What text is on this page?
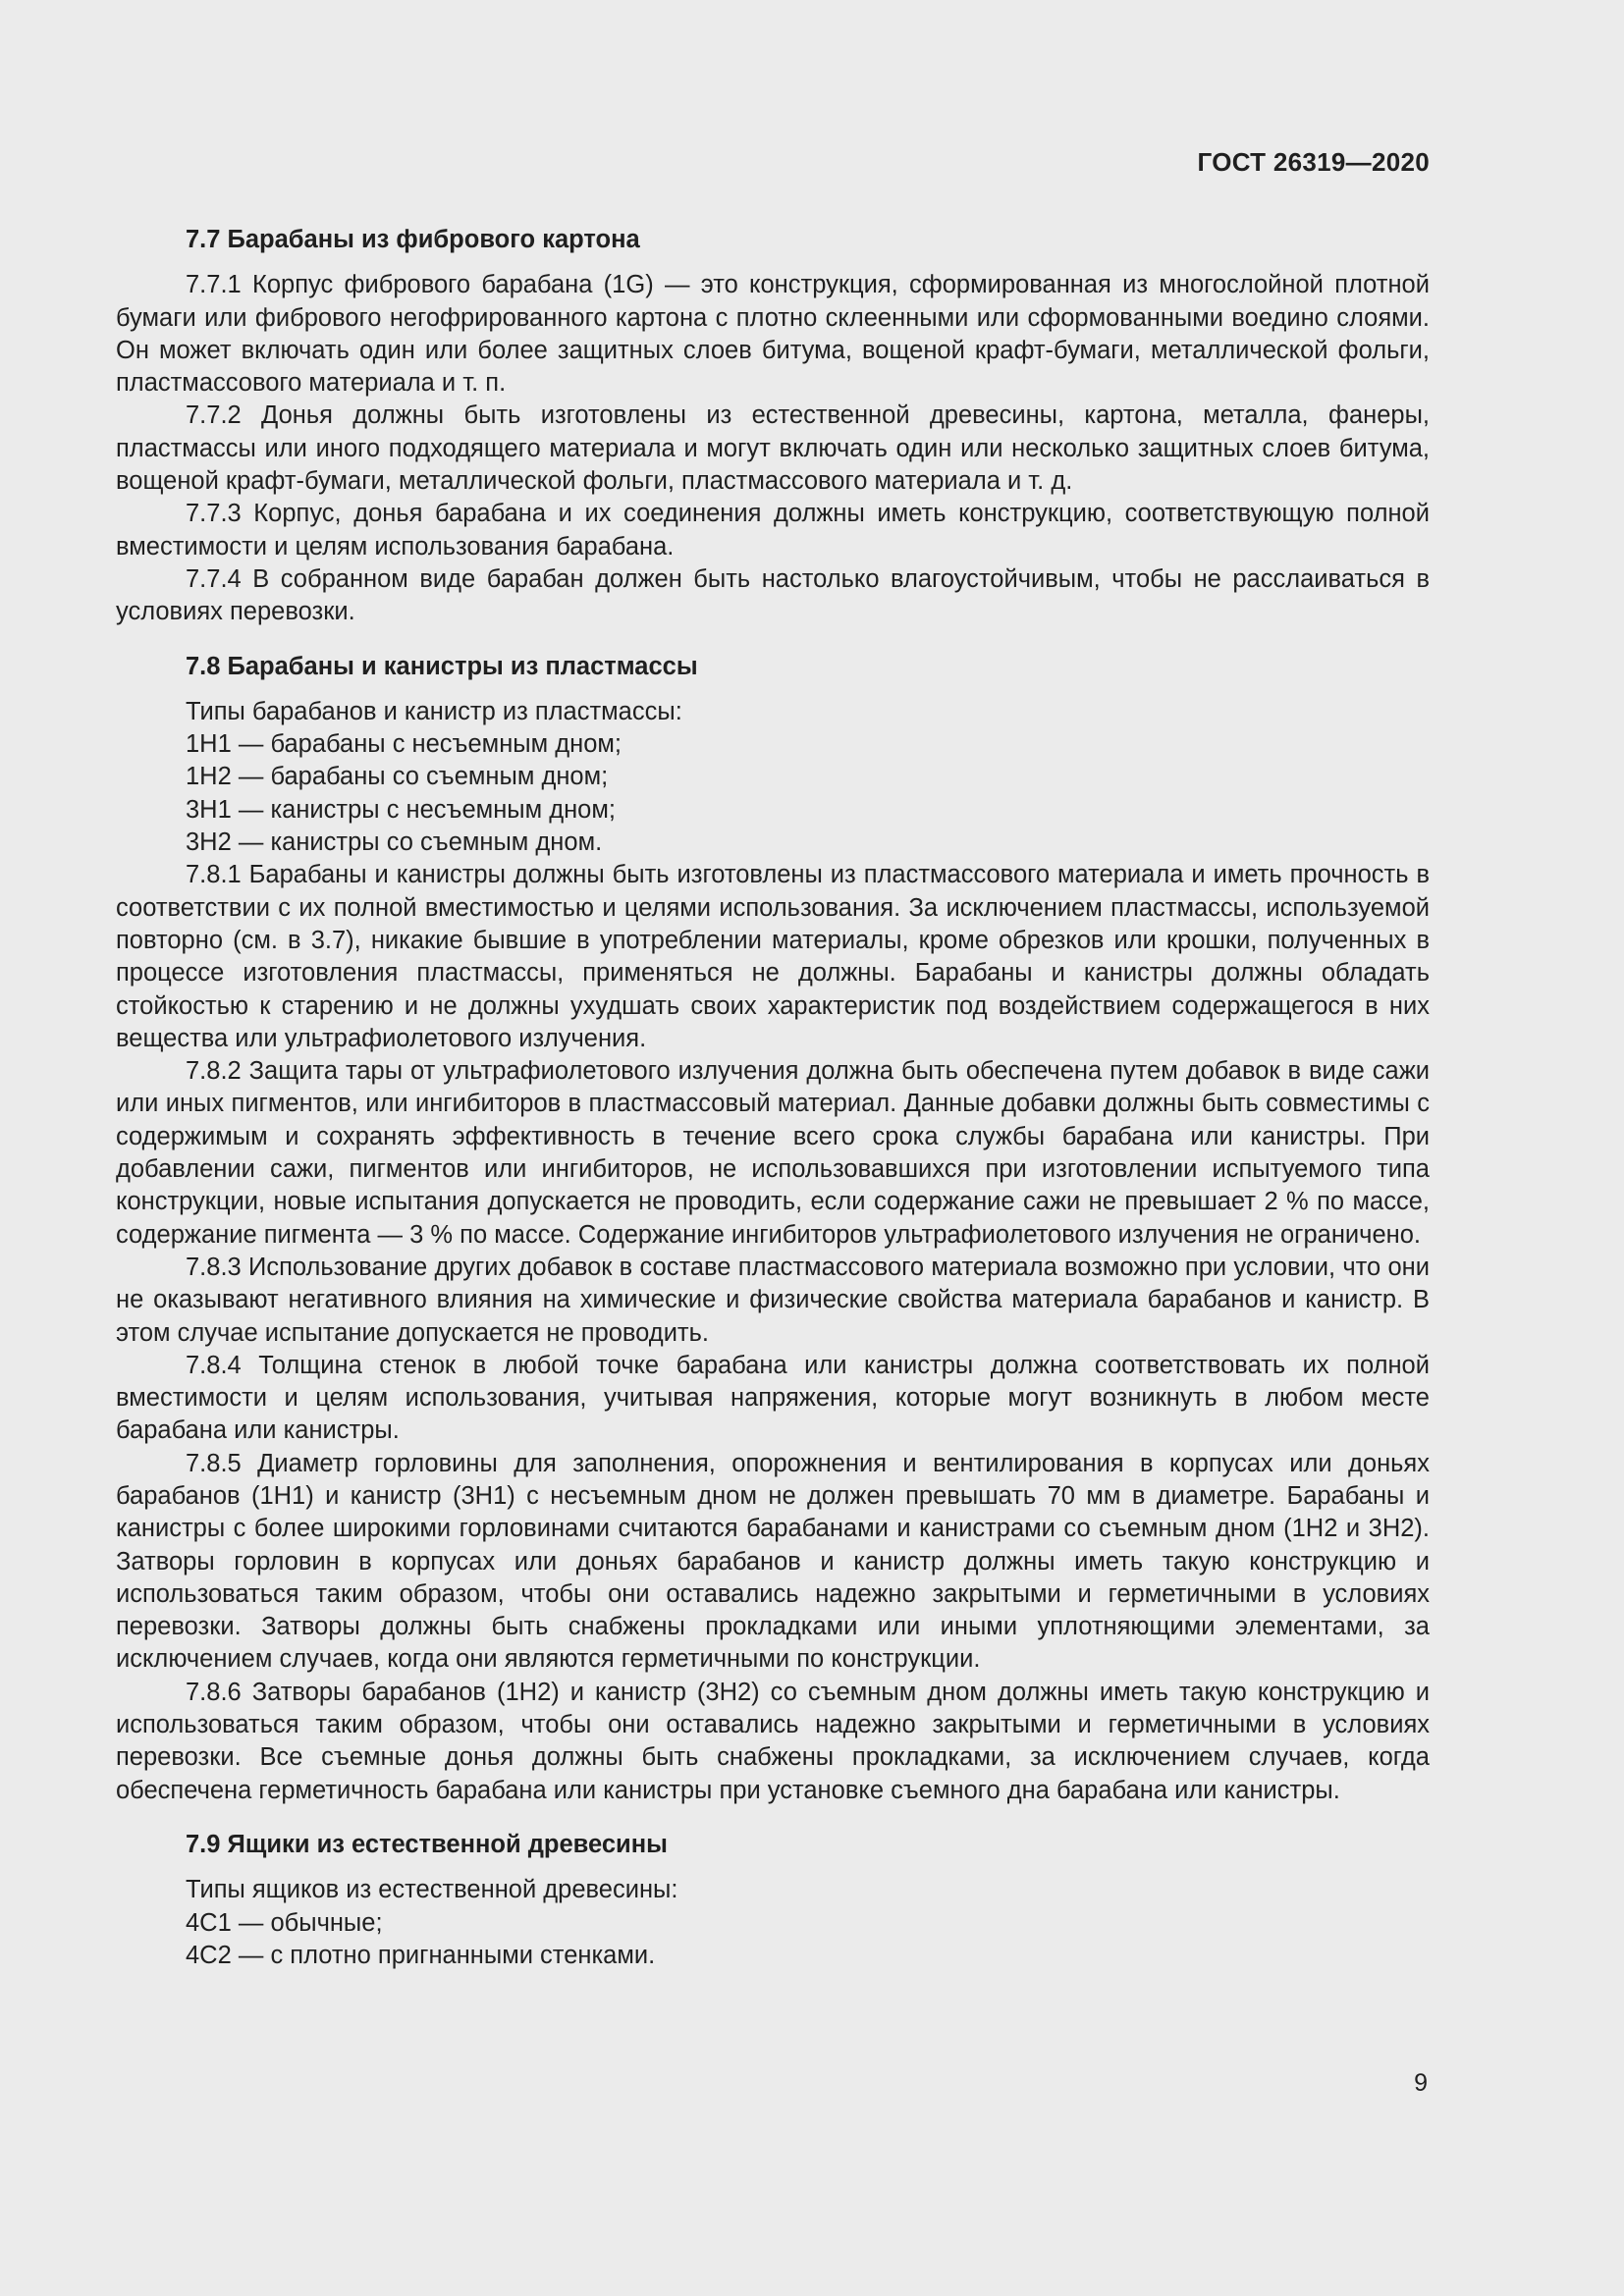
ГОСТ 26319—2020
7.7 Барабаны из фибрового картона

7.7.1 Корпус фибрового барабана (1G) — это конструкция, сформированная из многослойной плотной бумаги или фибрового негофрированного картона с плотно склеенными или сформованными воедино слоями. Он может включать один или более защитных слоев битума, вощеной крафт-бумаги, металлической фольги, пластмассового материала и т. п.

7.7.2 Донья должны быть изготовлены из естественной древесины, картона, металла, фанеры, пластмассы или иного подходящего материала и могут включать один или несколько защитных слоев битума, вощеной крафт-бумаги, металлической фольги, пластмассового материала и т. д.

7.7.3 Корпус, донья барабана и их соединения должны иметь конструкцию, соответствующую полной вместимости и целям использования барабана.

7.7.4 В собранном виде барабан должен быть настолько влагоустойчивым, чтобы не расслаиваться в условиях перевозки.

7.8 Барабаны и канистры из пластмассы

Типы барабанов и канистр из пластмассы:

1H1 — барабаны с несъемным дном;

1H2 — барабаны со съемным дном;

3H1 — канистры с несъемным дном;

3H2 — канистры со съемным дном.

7.8.1 Барабаны и канистры должны быть изготовлены из пластмассового материала и иметь прочность в соответствии с их полной вместимостью и целями использования. За исключением пластмассы, используемой повторно (см. в 3.7), никакие бывшие в употреблении материалы, кроме обрезков или крошки, полученных в процессе изготовления пластмассы, применяться не должны. Барабаны и канистры должны обладать стойкостью к старению и не должны ухудшать своих характеристик под воздействием содержащегося в них вещества или ультрафиолетового излучения.

7.8.2 Защита тары от ультрафиолетового излучения должна быть обеспечена путем добавок в виде сажи или иных пигментов, или ингибиторов в пластмассовый материал. Данные добавки должны быть совместимы с содержимым и сохранять эффективность в течение всего срока службы барабана или канистры. При добавлении сажи, пигментов или ингибиторов, не использовавшихся при изготовлении испытуемого типа конструкции, новые испытания допускается не проводить, если содержание сажи не превышает 2 % по массе, содержание пигмента — 3 % по массе. Содержание ингибиторов ультрафиолетового излучения не ограничено.

7.8.3 Использование других добавок в составе пластмассового материала возможно при условии, что они не оказывают негативного влияния на химические и физические свойства материала барабанов и канистр. В этом случае испытание допускается не проводить.

7.8.4 Толщина стенок в любой точке барабана или канистры должна соответствовать их полной вместимости и целям использования, учитывая напряжения, которые могут возникнуть в любом месте барабана или канистры.

7.8.5 Диаметр горловины для заполнения, опорожнения и вентилирования в корпусах или доньях барабанов (1H1) и канистр (3H1) с несъемным дном не должен превышать 70 мм в диаметре. Барабаны и канистры с более широкими горловинами считаются барабанами и канистрами со съемным дном (1H2 и 3H2). Затворы горловин в корпусах или доньях барабанов и канистр должны иметь такую конструкцию и использоваться таким образом, чтобы они оставались надежно закрытыми и герметичными в условиях перевозки. Затворы должны быть снабжены прокладками или иными уплотняющими элементами, за исключением случаев, когда они являются герметичными по конструкции.

7.8.6 Затворы барабанов (1H2) и канистр (3H2) со съемным дном должны иметь такую конструкцию и использоваться таким образом, чтобы они оставались надежно закрытыми и герметичными в условиях перевозки. Все съемные донья должны быть снабжены прокладками, за исключением случаев, когда обеспечена герметичность барабана или канистры при установке съемного дна барабана или канистры.

7.9 Ящики из естественной древесины

Типы ящиков из естественной древесины:

4C1 — обычные;

4C2 — с плотно пригнанными стенками.

9
